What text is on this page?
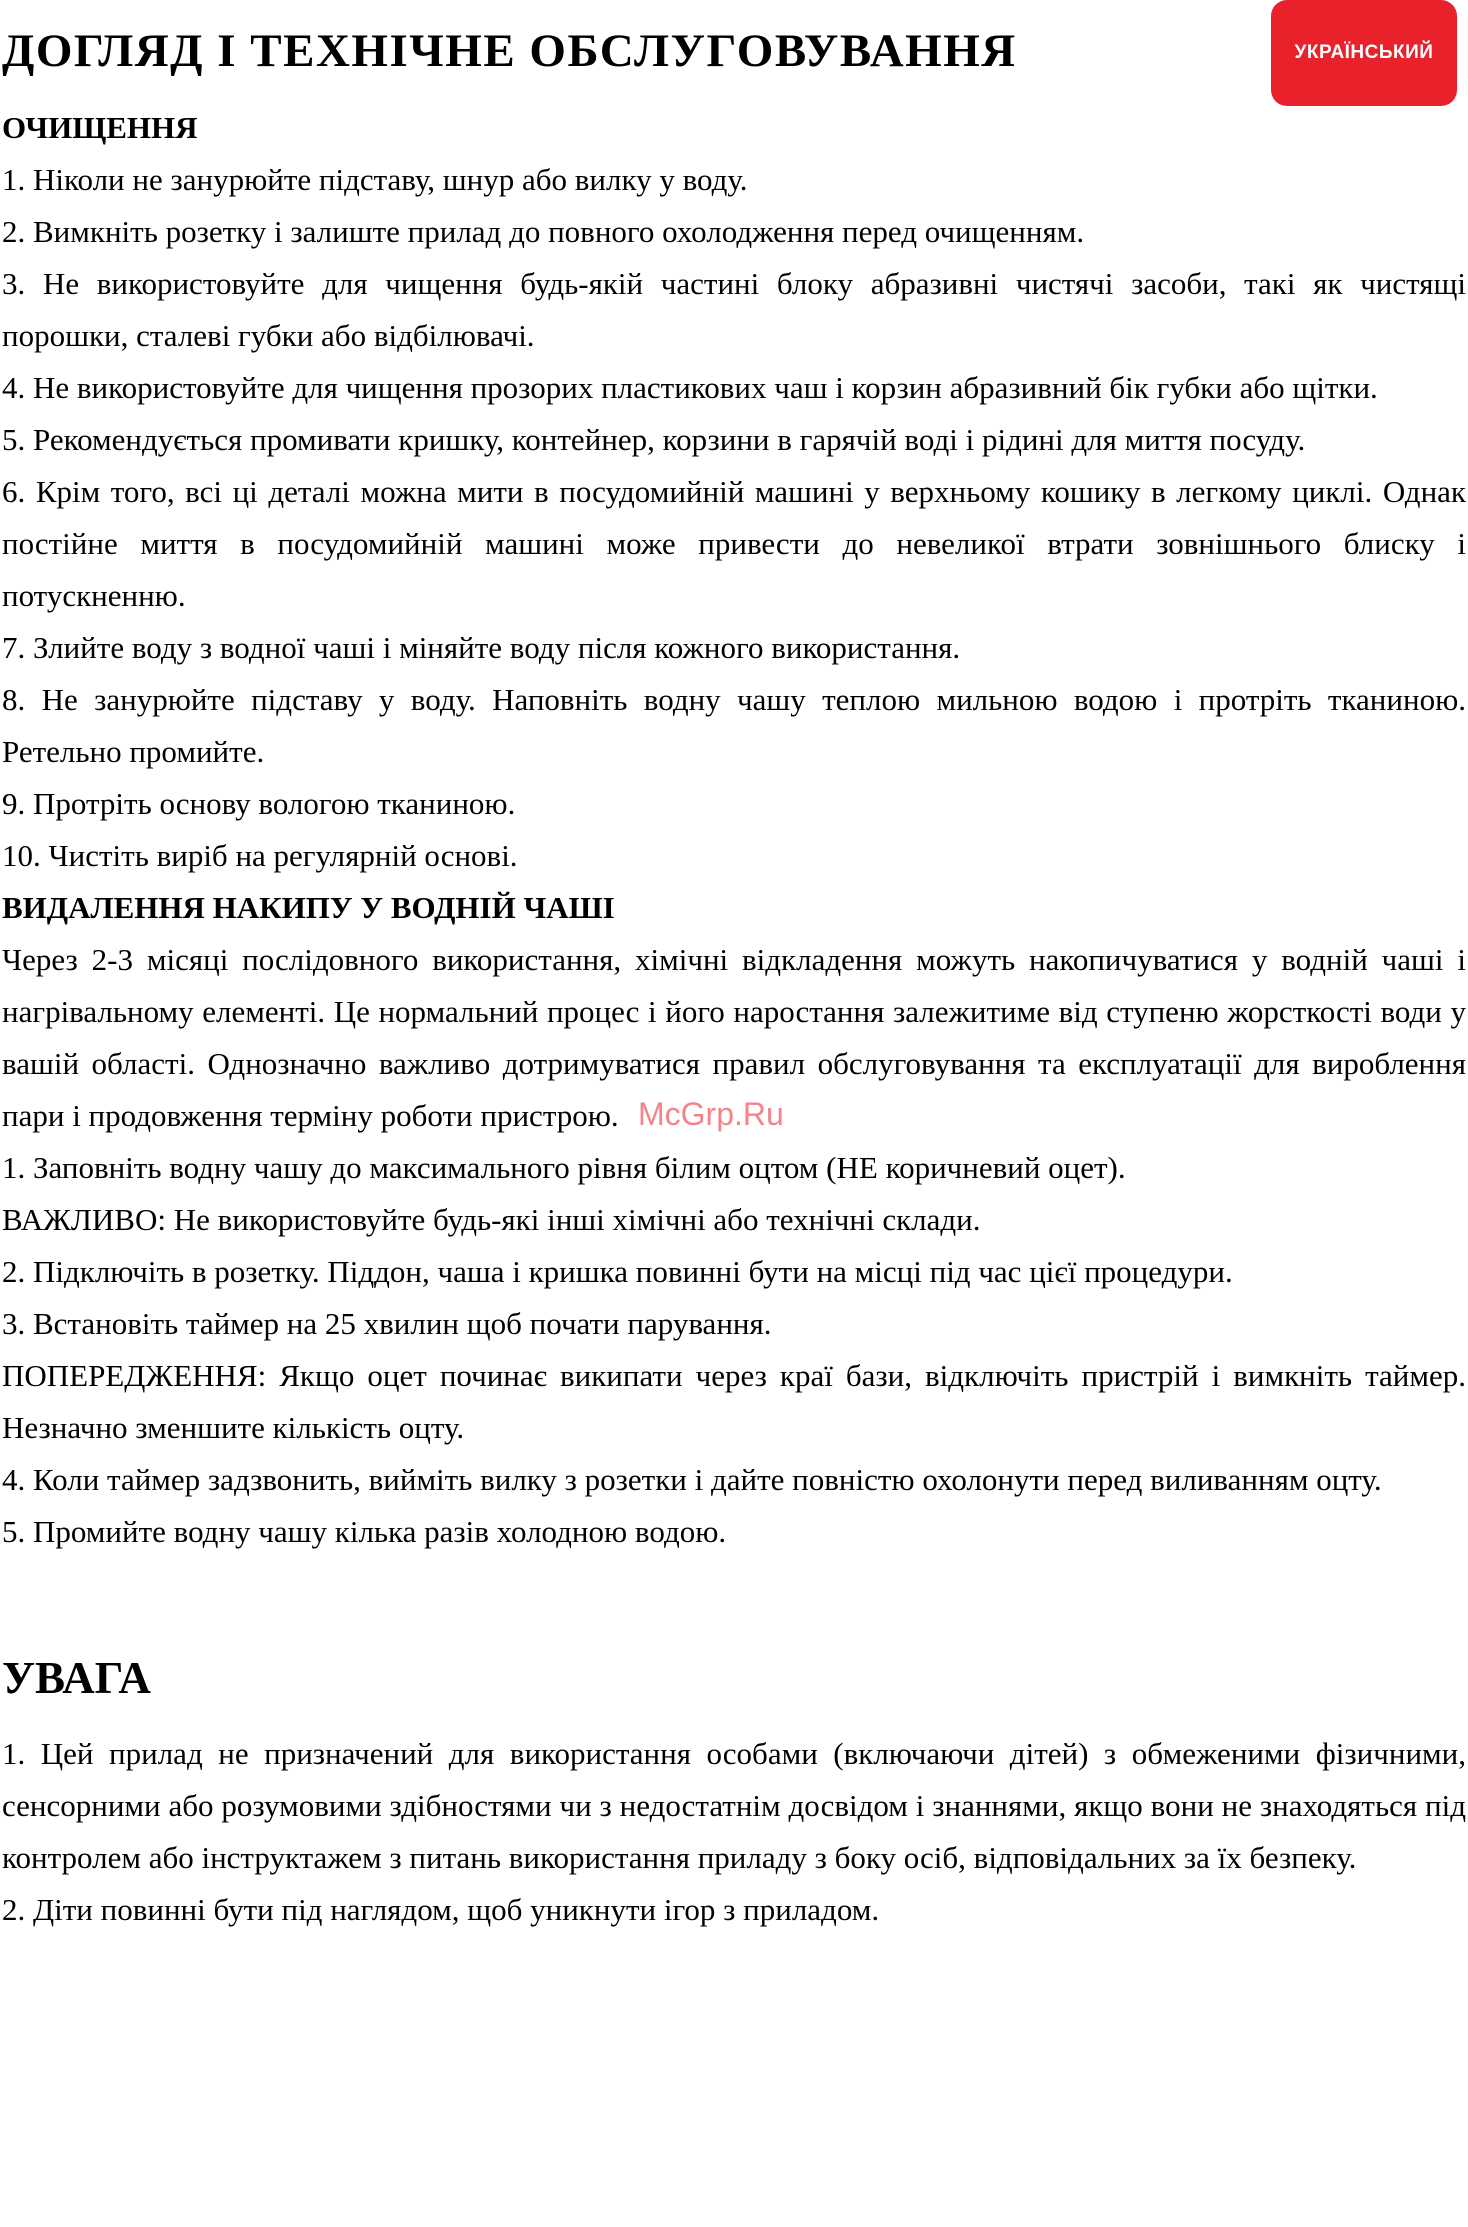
ДОГЛЯД І ТЕХНІЧНЕ ОБСЛУГОВУВАННЯ	УКРАЇНСЬКИЙ
ОЧИЩЕННЯ

1. Ніколи не занурюйте підставу, шнур або вилку у воду.

2. Вимкніть розетку і залиште прилад до повного охолодження перед очищенням.

3. Не використовуйте для чищення будь-якій частині блоку абразивні чистячі засоби, такі як чистящі порошки, сталеві губки або відбілювачі.

4. Не використовуйте для чищення прозорих пластикових чаш і корзин абразивний бік губки або щітки.

5. Рекомендується промивати кришку, контейнер, корзини в гарячій воді і рідині для миття посуду.

6. Крім того, всі ці деталі можна мити в посудомийній машині у верхньому кошику в легкому циклі. Однак постійне миття в посудомийній машині може привести до невеликої втрати зовнішнього блиску і потускненню.

7. Злийте воду з водної чаші і міняйте воду після кожного використання.

8. Не занурюйте підставу у воду. Наповніть водну чашу теплою мильною водою і протріть тканиною. Ретельно промийте.

9. Протріть основу вологою тканиною.

10. Чистіть виріб на регулярній основі.

ВИДАЛЕННЯ НАКИПУ У ВОДНІЙ ЧАШІ

Через 2-3 місяці послідовного використання, хімічні відкладення можуть накопичуватися у водній чаші і нагрівальному елементі. Це нормальний процес і його наростання залежитиме від ступеню жорсткості води у вашій області. Однозначно важливо дотримуватися правил обслуговування та експлуатації для вироблення пари і продовження терміну роботи пристрою.

1. Заповніть водну чашу до максимального рівня білим оцтом (НЕ коричневий оцет).

ВАЖЛИВО: Не використовуйте будь-які інші хімічні або технічні склади.

2. Підключіть в розетку. Піддон, чаша і кришка повинні бути на місці під час цієї процедури.

3. Встановіть таймер на 25 хвилин щоб почати парування.

ПОПЕРЕДЖЕННЯ: Якщо оцет починає википати через краї бази, відключіть пристрій і вимкніть таймер. Незначно зменшите кількість оцту.

4. Коли таймер задзвонить, вийміть вилку з розетки і дайте повністю охолонути перед виливанням оцту.

5. Промийте водну чашу кілька разів холодною водою.

УВАГА

1. Цей прилад не призначений для використання особами (включаючи дітей) з обмеженими фізичними, сенсорними або розумовими здібностями чи з недостатнім досвідом і знаннями, якщо вони не знаходяться під контролем або інструктажем з питань використання приладу з боку осіб, відповідальних за їх безпеку.

2. Діти повинні бути під наглядом, щоб уникнути ігор з приладом.

MсGrp.Ru
